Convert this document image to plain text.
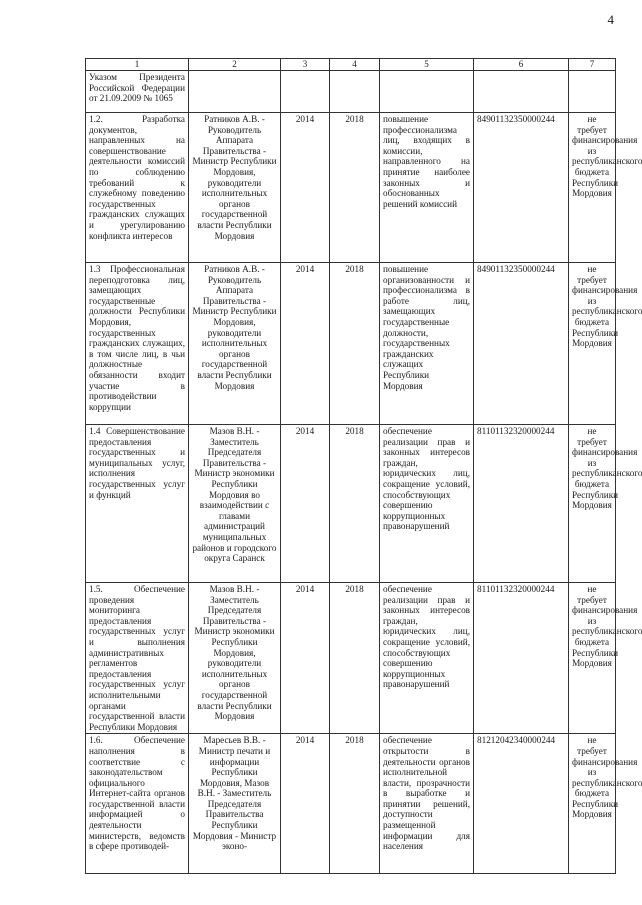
4
1	2	3	4	5	6	7
Указом Президента Российской Федерации от 21.09.2009 № 1065						
1.2. Разработка документов, направленных на совершенствование деятельности комиссий по соблюдению требований к служебному поведению государственных гражданских служащих и урегулированию конфликта интересов	Ратников А.В. - Руководитель Аппарата Правительства - Министр Республики Мордовия, руководители исполнительных органов государственной власти Республики Мордовия	2014	2018	повышение профессионализма лиц, входящих в комиссии, направленного на принятие наиболее законных и обоснованных решений комиссий	84901132350000244	не требует финансирования из республиканского бюджета Республики Мордовия
1.3 Профессиональная переподготовка лиц, замещающих государственные должности Республики Мордовия, государственных гражданских служащих, в том числе лиц, в чьи должностные обязанности входит участие в противодействии коррупции	Ратников А.В. - Руководитель Аппарата Правительства - Министр Республики Мордовия, руководители исполнительных органов государственной власти Республики Мордовия	2014	2018	повышение организованности и профессионализма в работе лиц, замещающих государственные должности, государственных гражданских служащих Республики Мордовия	84901132350000244	не требует финансирования из республиканского бюджета Республики Мордовия
1.4 Совершенствование предоставления государственных и муниципальных услуг, исполнения государственных услуг и функций	Мазов В.Н. - Заместитель Председателя Правительства - Министр экономики Республики Мордовия во взаимодействии с главами администраций муниципальных районов и городского округа Саранск	2014	2018	обеспечение реализации прав и законных интересов граждан, юридических лиц, сокращение условий, способствующих совершению коррупционных правонарушений	81101132320000244	не требует финансирования из республиканского бюджета Республики Мордовия
1.5. Обеспечение проведения мониторинга предоставления государственных услуг и выполнения административных регламентов предоставления государственных услуг исполнительными органами государственной власти Республики Мордовия	Мазов В.Н. - Заместитель Председателя Правительства - Министр экономики Республики Мордовия, руководители исполнительных органов государственной власти Республики Мордовия	2014	2018	обеспечение реализации прав и законных интересов граждан, юридических лиц, сокращение условий, способствующих совершению коррупционных правонарушений	81101132320000244	не требует финансирования из республиканского бюджета Республики Мордовия
1.6. Обеспечение наполнения в соответствие с законодательством официального Интернет-сайта органов государственной власти информацией о деятельности министерств, ведомств в сфере противодей-	Маресьев В.В. - Министр печати и информации Республики Мордовия, Мазов В.Н. - Заместитель Председателя Правительства Республики Мордовия - Министр эконо-	2014	2018	обеспечение открытости в деятельности органов исполнительной власти, прозрачности в выработке и принятии решений, доступности размещенной информации для населения	81212042340000244	не требует финансирования из республиканского бюджета Республики Мордовия
